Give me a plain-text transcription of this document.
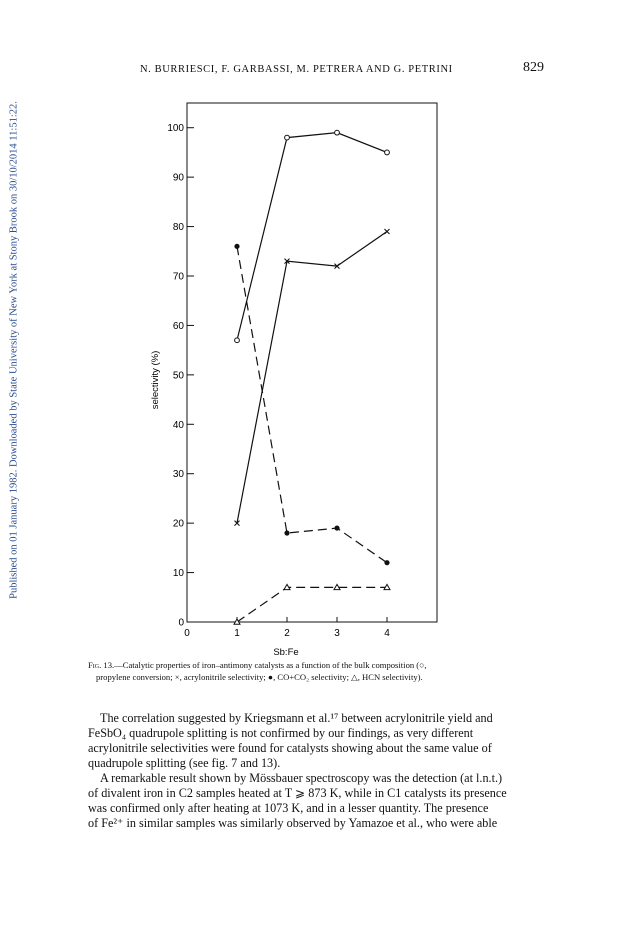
Published on 01 January 1982. Downloaded by State University of New York at Stony Brook on 30/10/2014 11:51:22.
N. BURRIESCI, F. GARBASSI, M. PETRERA AND G. PETRINI	829
0
10
20
30
40
50
60
70
80
90
100
0	1	2	3	4
Sb:Fe
selectivity (%)
Fig. 13.—Catalytic properties of iron–antimony catalysts as a function of the bulk composition (○,
propylene conversion; ×, acrylonitrile selectivity; ●, CO+CO₂ selectivity; △, HCN selectivity).

The correlation suggested by Kriegsmann et al.¹⁷ between acrylonitrile yield and
FeSbO₄ quadrupole splitting is not confirmed by our findings, as very different
acrylonitrile selectivities were found for catalysts showing about the same value of
quadrupole splitting (see fig. 7 and 13).

A remarkable result shown by Mössbauer spectroscopy was the detection (at l.n.t.)
of divalent iron in C2 samples heated at T ⩾ 873 K, while in C1 catalysts its presence
was confirmed only after heating at 1073 K, and in a lesser quantity. The presence
of Fe²⁺ in similar samples was similarly observed by Yamazoe et al., who were able
